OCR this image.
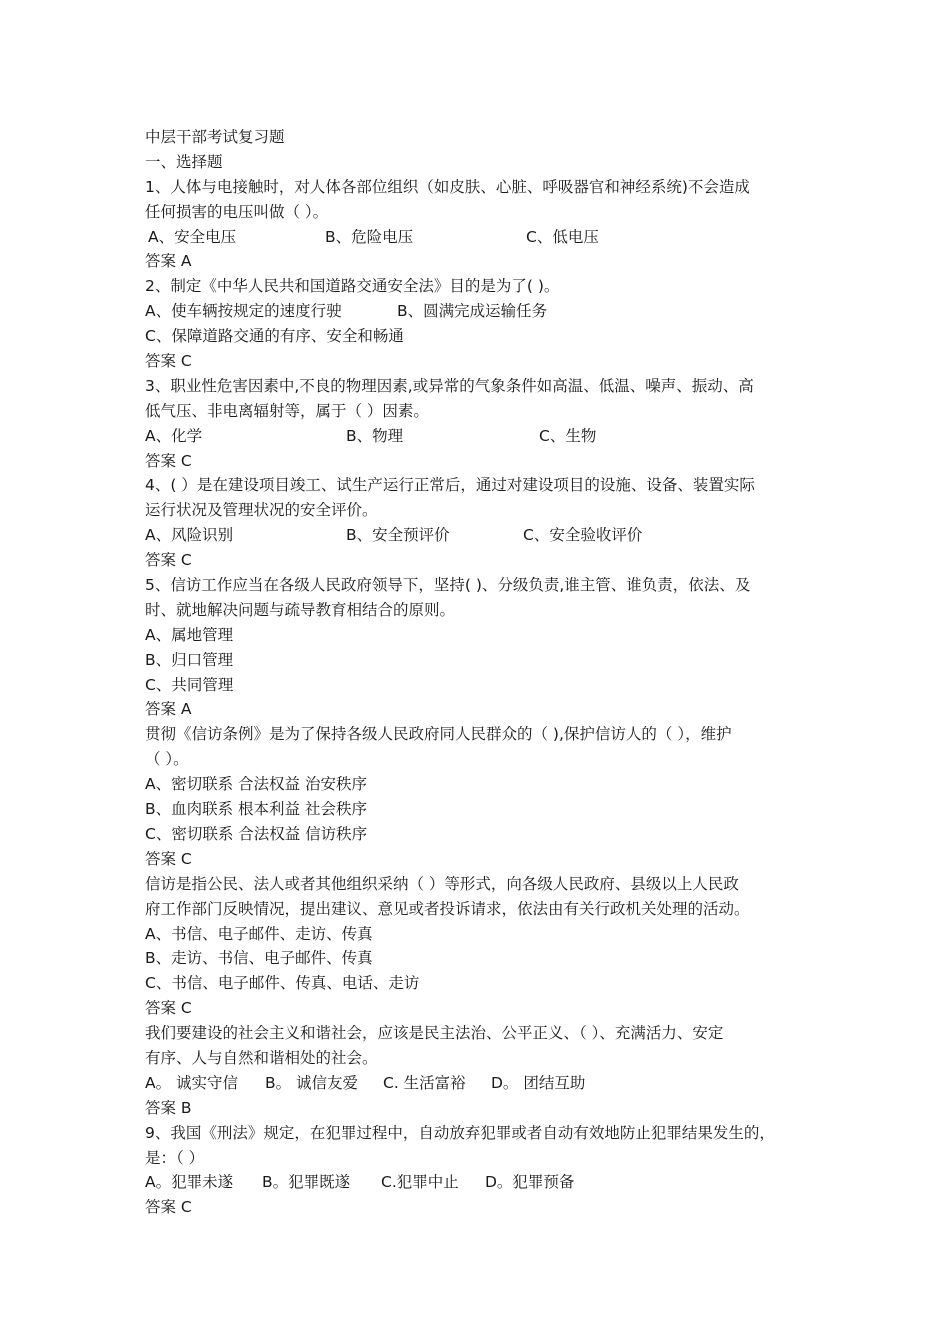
中层干部考试复习题
一、选择题
1、人体与电接触时，对人体各部位组织（如皮肤、心脏、呼吸器官和神经系统)不会造成
任何损害的电压叫做（ ）。
A、安全电压	B、危险电压	C、低电压
答案 A
2、制定《中华人民共和国道路交通安全法》目的是为了( )。
A、使车辆按规定的速度行驶	B、圆满完成运输任务
C、保障道路交通的有序、安全和畅通
答案 C
3、职业性危害因素中,不良的物理因素,或异常的气象条件如高温、低温、噪声、振动、高
低气压、非电离辐射等，属于（ ）因素。
A、化学	B、物理	C、生物
答案 C
4、( ）是在建设项目竣工、试生产运行正常后，通过对建设项目的设施、设备、装置实际
运行状况及管理状况的安全评价。
A、风险识别	B、安全预评价	C、安全验收评价
答案 C
5、信访工作应当在各级人民政府领导下，坚持( )、分级负责,谁主管、谁负责，依法、及
时、就地解决问题与疏导教育相结合的原则。
A、属地管理
B、归口管理
C、共同管理
答案 A
贯彻《信访条例》是为了保持各级人民政府同人民群众的（ ),保护信访人的（ ），维护
（ ）。
A、密切联系 合法权益 治安秩序
B、血肉联系 根本利益 社会秩序
C、密切联系 合法权益 信访秩序
答案 C
信访是指公民、法人或者其他组织采纳（ ）等形式，向各级人民政府、县级以上人民政
府工作部门反映情况，提出建议、意见或者投诉请求，依法由有关行政机关处理的活动。
A、书信、电子邮件、走访、传真
B、走访、书信、电子邮件、传真
C、书信、电子邮件、传真、电话、走访
答案 C
我们要建设的社会主义和谐社会，应该是民主法治、公平正义、（ ）、充满活力、安定
有序、人与自然和谐相处的社会。
A。 诚实守信 B。 诚信友爱 C. 生活富裕 D。 团结互助
答案 B
9、我国《刑法》规定，在犯罪过程中，自动放弃犯罪或者自动有效地防止犯罪结果发生的，
是：（ ）
A。犯罪未遂 B。犯罪既遂 C.犯罪中止 D。犯罪预备
答案 C
